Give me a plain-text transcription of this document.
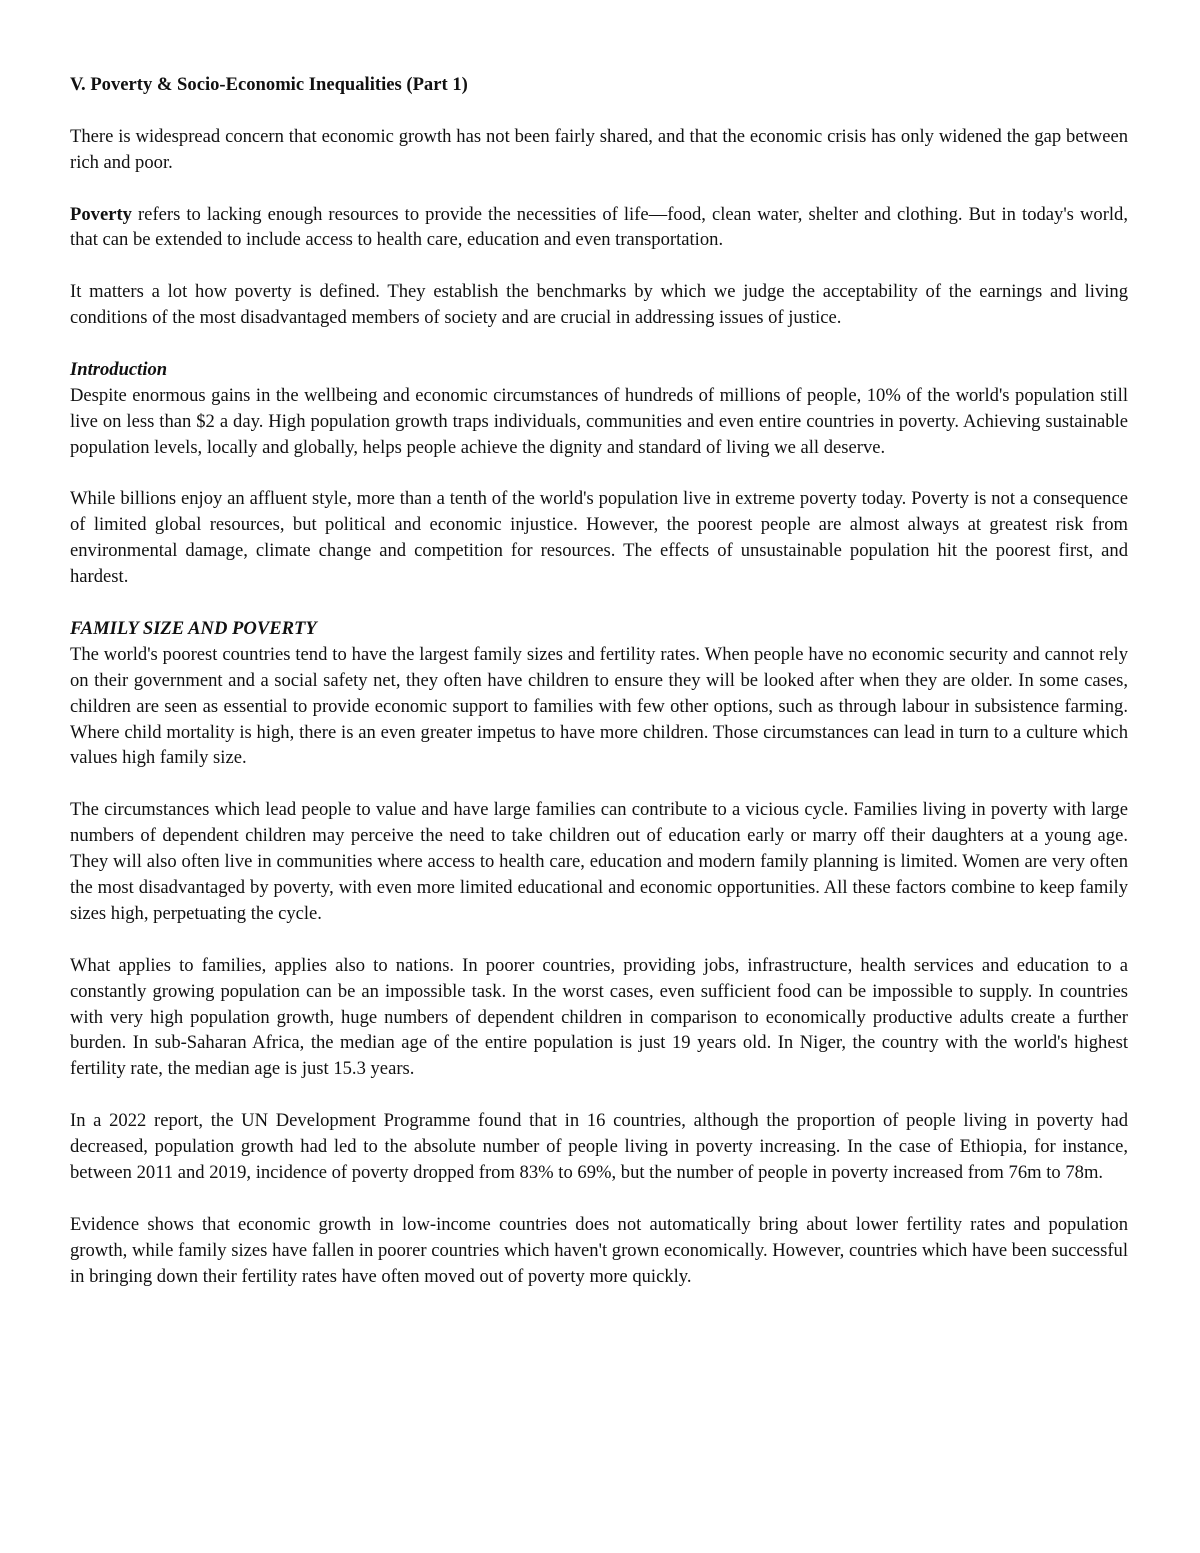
V. Poverty & Socio-Economic Inequalities (Part 1)

There is widespread concern that economic growth has not been fairly shared, and that the economic crisis has only widened the gap between rich and poor.

Poverty refers to lacking enough resources to provide the necessities of life—food, clean water, shelter and clothing. But in today's world, that can be extended to include access to health care, education and even transportation.

It matters a lot how poverty is defined. They establish the benchmarks by which we judge the acceptability of the earnings and living conditions of the most disadvantaged members of society and are crucial in addressing issues of justice.

Introduction
Despite enormous gains in the wellbeing and economic circumstances of hundreds of millions of people, 10% of the world's population still live on less than $2 a day. High population growth traps individuals, communities and even entire countries in poverty. Achieving sustainable population levels, locally and globally, helps people achieve the dignity and standard of living we all deserve.

While billions enjoy an affluent style, more than a tenth of the world's population live in extreme poverty today. Poverty is not a consequence of limited global resources, but political and economic injustice. However, the poorest people are almost always at greatest risk from environmental damage, climate change and competition for resources. The effects of unsustainable population hit the poorest first, and hardest.

FAMILY SIZE AND POVERTY
The world's poorest countries tend to have the largest family sizes and fertility rates. When people have no economic security and cannot rely on their government and a social safety net, they often have children to ensure they will be looked after when they are older. In some cases, children are seen as essential to provide economic support to families with few other options, such as through labour in subsistence farming. Where child mortality is high, there is an even greater impetus to have more children. Those circumstances can lead in turn to a culture which values high family size.

The circumstances which lead people to value and have large families can contribute to a vicious cycle. Families living in poverty with large numbers of dependent children may perceive the need to take children out of education early or marry off their daughters at a young age. They will also often live in communities where access to health care, education and modern family planning is limited. Women are very often the most disadvantaged by poverty, with even more limited educational and economic opportunities. All these factors combine to keep family sizes high, perpetuating the cycle.

What applies to families, applies also to nations. In poorer countries, providing jobs, infrastructure, health services and education to a constantly growing population can be an impossible task. In the worst cases, even sufficient food can be impossible to supply. In countries with very high population growth, huge numbers of dependent children in comparison to economically productive adults create a further burden. In sub-Saharan Africa, the median age of the entire population is just 19 years old. In Niger, the country with the world's highest fertility rate, the median age is just 15.3 years.

In a 2022 report, the UN Development Programme found that in 16 countries, although the proportion of people living in poverty had decreased, population growth had led to the absolute number of people living in poverty increasing. In the case of Ethiopia, for instance, between 2011 and 2019, incidence of poverty dropped from 83% to 69%, but the number of people in poverty increased from 76m to 78m.

Evidence shows that economic growth in low-income countries does not automatically bring about lower fertility rates and population growth, while family sizes have fallen in poorer countries which haven't grown economically. However, countries which have been successful in bringing down their fertility rates have often moved out of poverty more quickly.
